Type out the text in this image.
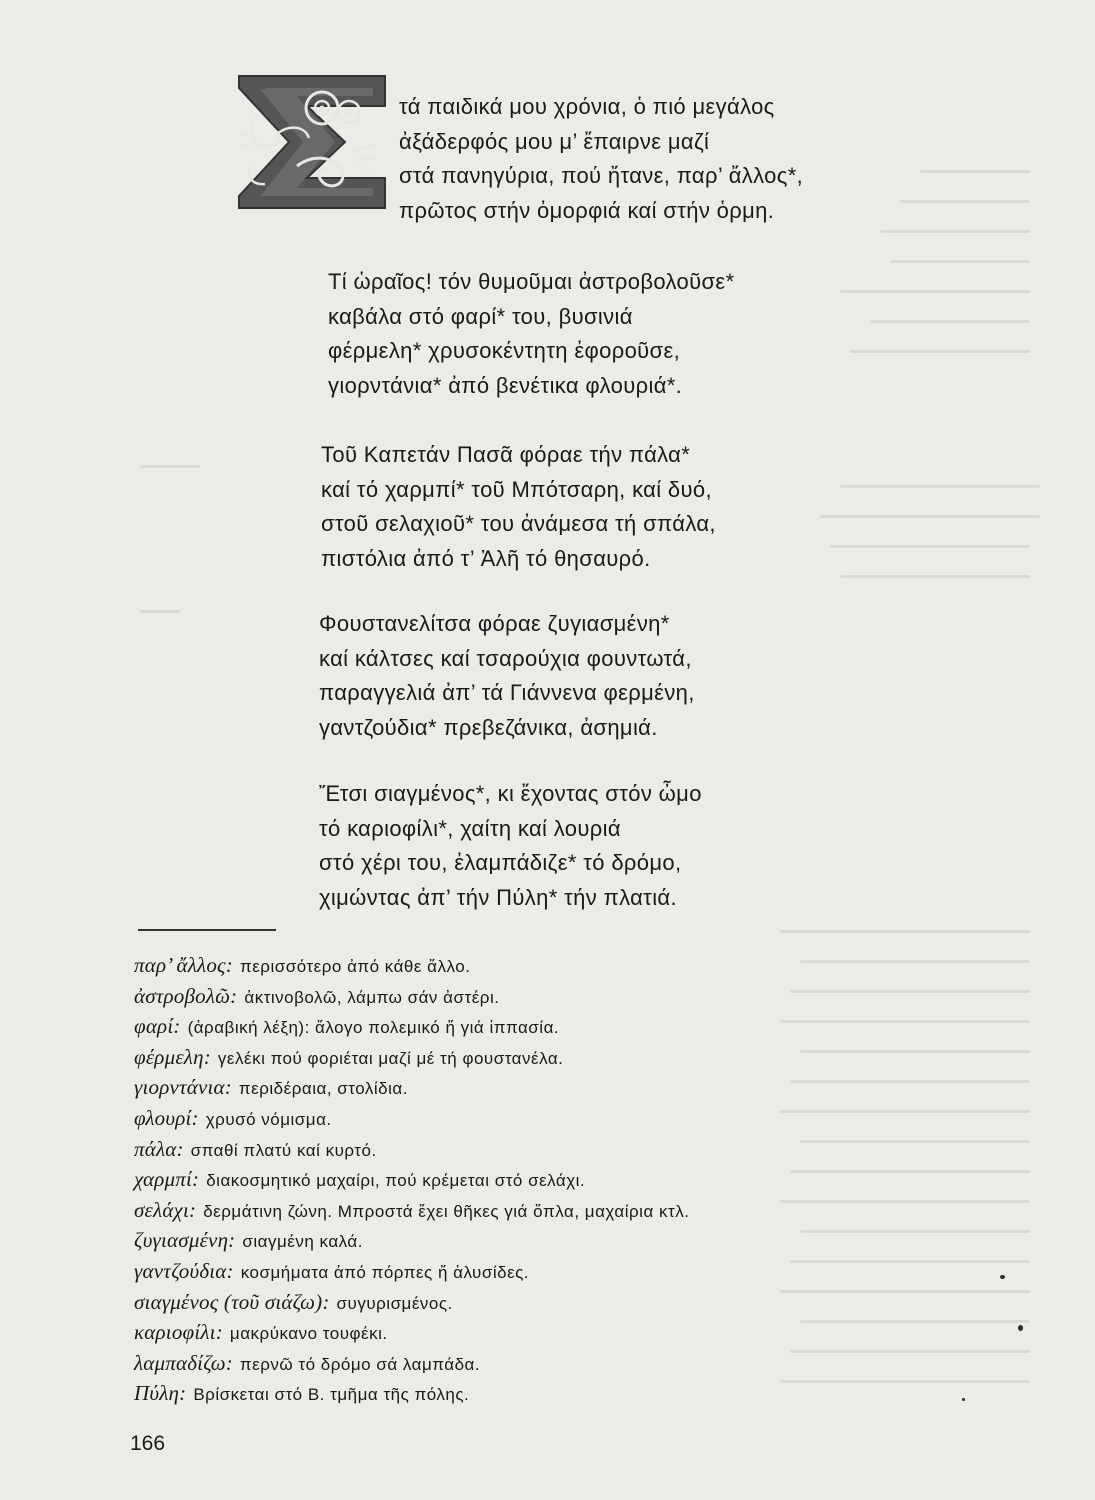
τά παιδικά μου χρόνια, ὁ πιό μεγάλος
ἀξάδερφός μου μ’ ἔπαιρνε μαζί
στά πανηγύρια, πού ἤτανε, παρ’ ἄλλος*,
πρῶτος στήν ὀμορφιά καί στήν ὁρμη.
Τί ὡραῖος! τόν θυμοῦμαι ἀστροβολοῦσε*
καβάλα στό φαρί* του, βυσινιά
φέρμελη* χρυσοκέντητη ἐφοροῦσε,
γιορντάνια* ἀπό βενέτικα φλουριά*.
Τοῦ Καπετάν Πασᾶ φόραε τήν πάλα*
καί τό χαρμπί* τοῦ Μπότσαρη, καί δυό,
στοῦ σελαχιοῦ* του ἀνάμεσα τή σπάλα,
πιστόλια ἀπό τ’ Ἀλῆ τό θησαυρό.
Φουστανελίτσα φόραε ζυγιασμένη*
καί κάλτσες καί τσαρούχια φουντωτά,
παραγγελιά ἀπ’ τά Γιάννενα φερμένη,
γαντζούδια* πρεβεζάνικα, ἀσημιά.
Ἔτσι σιαγμένος*, κι ἔχοντας στόν ὦμο
τό καριοφίλι*, χαίτη καί λουριά
στό χέρι του, ἐλαμπάδιζε* τό δρόμο,
χιμώντας ἀπ’ τήν Πύλη* τήν πλατιά.
παρ’ ἄλλος: περισσότερο ἀπό κάθε ἄλλο.
ἀστροβολῶ: ἀκτινοβολῶ, λάμπω σάν ἀστέρι.
φαρί: (ἀραβική λέξη): ἄλογο πολεμικό ἤ γιά ἱππασία.
φέρμελη: γελέκι πού φοριέται μαζί μέ τή φουστανέλα.
γιορντάνια: περιδέραια, στολίδια.
φλουρί: χρυσό νόμισμα.
πάλα: σπαθί πλατύ καί κυρτό.
χαρμπί: διακοσμητικό μαχαίρι, πού κρέμεται στό σελάχι.
σελάχι: δερμάτινη ζώνη. Μπροστά ἔχει θῆκες γιά ὅπλα, μαχαίρια κτλ.
ζυγιασμένη: σιαγμένη καλά.
γαντζούδια: κοσμήματα ἀπό πόρπες ἤ ἁλυσίδες.
σιαγμένος (τοῦ σιάζω): συγυρισμένος.
καριοφίλι: μακρύκανο τουφέκι.
λαμπαδίζω: περνῶ τό δρόμο σά λαμπάδα.
Πύλη: Βρίσκεται στό Β. τμῆμα τῆς πόλης.
166
